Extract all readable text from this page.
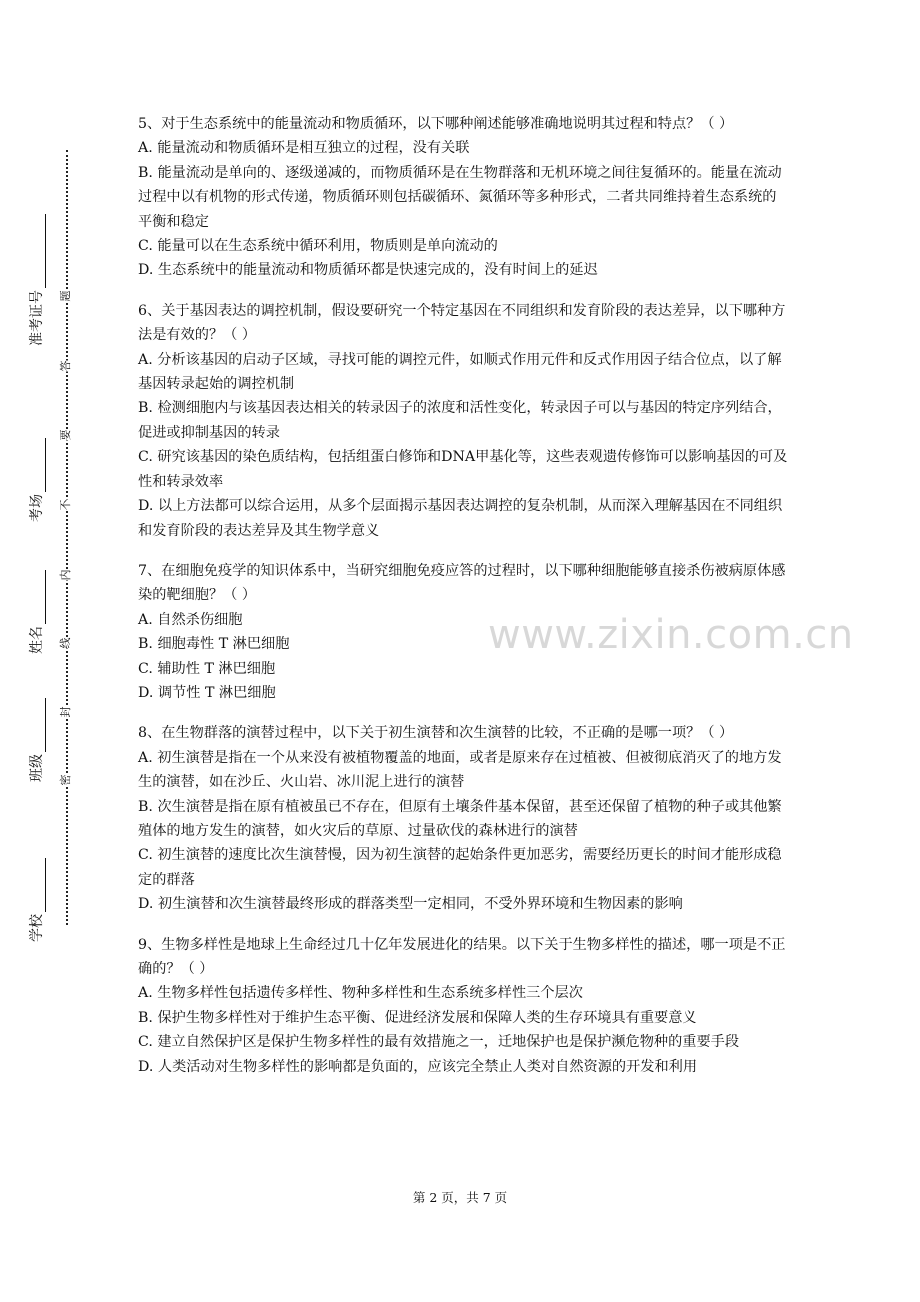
学校
班级
姓名
考场
准考证号
密
封
线
内
不
要
答
题
www.zixin.com.cn

5、对于生态系统中的能量流动和物质循环，以下哪种阐述能够准确地说明其过程和特点？（ ）

A. 能量流动和物质循环是相互独立的过程，没有关联

B. 能量流动是单向的、逐级递减的，而物质循环是在生物群落和无机环境之间往复循环的。能量在流动过程中以有机物的形式传递，物质循环则包括碳循环、氮循环等多种形式，二者共同维持着生态系统的平衡和稳定

C. 能量可以在生态系统中循环利用，物质则是单向流动的

D. 生态系统中的能量流动和物质循环都是快速完成的，没有时间上的延迟

6、关于基因表达的调控机制，假设要研究一个特定基因在不同组织和发育阶段的表达差异，以下哪种方法是有效的？（ ）

A. 分析该基因的启动子区域，寻找可能的调控元件，如顺式作用元件和反式作用因子结合位点，以了解基因转录起始的调控机制

B. 检测细胞内与该基因表达相关的转录因子的浓度和活性变化，转录因子可以与基因的特定序列结合，促进或抑制基因的转录

C. 研究该基因的染色质结构，包括组蛋白修饰和DNA甲基化等，这些表观遗传修饰可以影响基因的可及性和转录效率

D. 以上方法都可以综合运用，从多个层面揭示基因表达调控的复杂机制，从而深入理解基因在不同组织和发育阶段的表达差异及其生物学意义

7、在细胞免疫学的知识体系中，当研究细胞免疫应答的过程时，以下哪种细胞能够直接杀伤被病原体感染的靶细胞？（ ）

A. 自然杀伤细胞

B. 细胞毒性 T 淋巴细胞

C. 辅助性 T 淋巴细胞

D. 调节性 T 淋巴细胞

8、在生物群落的演替过程中，以下关于初生演替和次生演替的比较，不正确的是哪一项？（ ）

A. 初生演替是指在一个从来没有被植物覆盖的地面，或者是原来存在过植被、但被彻底消灭了的地方发生的演替，如在沙丘、火山岩、冰川泥上进行的演替

B. 次生演替是指在原有植被虽已不存在，但原有土壤条件基本保留，甚至还保留了植物的种子或其他繁殖体的地方发生的演替，如火灾后的草原、过量砍伐的森林进行的演替

C. 初生演替的速度比次生演替慢，因为初生演替的起始条件更加恶劣，需要经历更长的时间才能形成稳定的群落

D. 初生演替和次生演替最终形成的群落类型一定相同，不受外界环境和生物因素的影响

9、生物多样性是地球上生命经过几十亿年发展进化的结果。以下关于生物多样性的描述，哪一项是不正确的？（ ）

A. 生物多样性包括遗传多样性、物种多样性和生态系统多样性三个层次

B. 保护生物多样性对于维护生态平衡、促进经济发展和保障人类的生存环境具有重要意义

C. 建立自然保护区是保护生物多样性的最有效措施之一，迁地保护也是保护濒危物种的重要手段

D. 人类活动对生物多样性的影响都是负面的，应该完全禁止人类对自然资源的开发和利用

第 2 页，共 7 页
